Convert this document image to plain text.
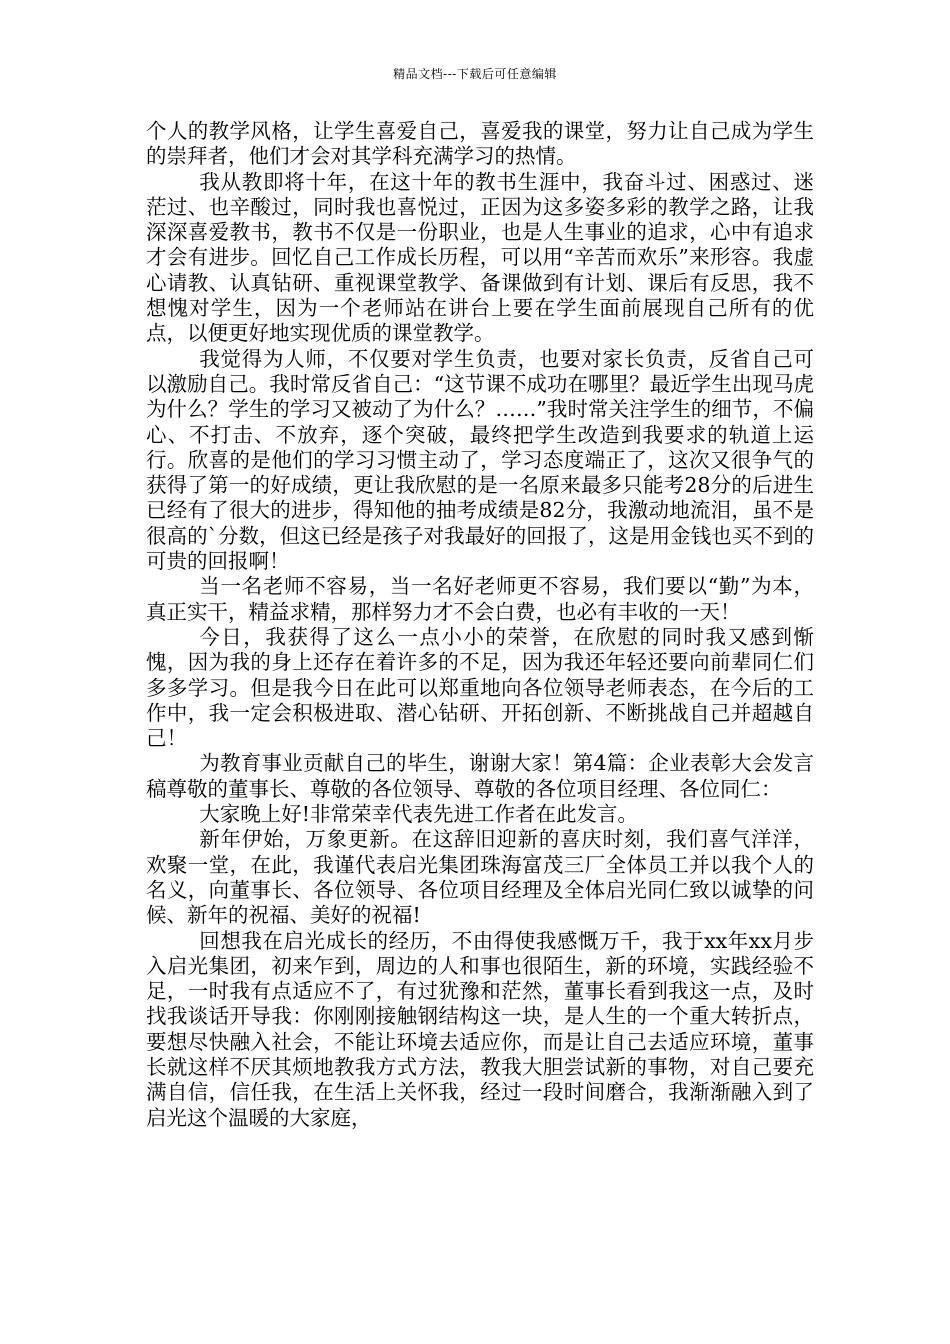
精品文档---下载后可任意编辑

个人的教学风格，让学生喜爱自己，喜爱我的课堂，努力让自己成为学生的崇拜者，他们才会对其学科充满学习的热情。

我从教即将十年，在这十年的教书生涯中，我奋斗过、困惑过、迷茫过、也辛酸过，同时我也喜悦过，正因为这多姿多彩的教学之路，让我深深喜爱教书，教书不仅是一份职业，也是人生事业的追求，心中有追求才会有进步。回忆自己工作成长历程，可以用“辛苦而欢乐”来形容。我虚心请教、认真钻研、重视课堂教学、备课做到有计划、课后有反思，我不想愧对学生，因为一个老师站在讲台上要在学生面前展现自己所有的优点，以便更好地实现优质的课堂教学。

我觉得为人师，不仅要对学生负责，也要对家长负责，反省自己可以激励自己。我时常反省自己：“这节课不成功在哪里？最近学生出现马虎为什么？学生的学习又被动了为什么？……”我时常关注学生的细节，不偏心、不打击、不放弃，逐个突破，最终把学生改造到我要求的轨道上运行。欣喜的是他们的学习习惯主动了，学习态度端正了，这次又很争气的获得了第一的好成绩，更让我欣慰的是一名原来最多只能考28分的后进生已经有了很大的进步，得知他的抽考成绩是82分，我激动地流泪，虽不是很高的`分数，但这已经是孩子对我最好的回报了，这是用金钱也买不到的可贵的回报啊！

当一名老师不容易，当一名好老师更不容易，我们要以“勤”为本，真正实干，精益求精，那样努力才不会白费，也必有丰收的一天！

今日，我获得了这么一点小小的荣誉，在欣慰的同时我又感到惭愧，因为我的身上还存在着许多的不足，因为我还年轻还要向前辈同仁们多多学习。但是我今日在此可以郑重地向各位领导老师表态，在今后的工作中，我一定会积极进取、潜心钻研、开拓创新、不断挑战自己并超越自己！

为教育事业贡献自己的毕生，谢谢大家！第4篇：企业表彰大会发言稿尊敬的董事长、尊敬的各位领导、尊敬的各位项目经理、各位同仁：

大家晚上好!非常荣幸代表先进工作者在此发言。

新年伊始，万象更新。在这辞旧迎新的喜庆时刻，我们喜气洋洋，欢聚一堂，在此，我谨代表启光集团珠海富茂三厂全体员工并以我个人的名义，向董事长、各位领导、各位项目经理及全体启光同仁致以诚挚的问候、新年的祝福、美好的祝福!

回想我在启光成长的经历，不由得使我感慨万千，我于xx年xx月步入启光集团，初来乍到，周边的人和事也很陌生，新的环境，实践经验不足，一时我有点适应不了，有过犹豫和茫然，董事长看到我这一点，及时找我谈话开导我：你刚刚接触钢结构这一块，是人生的一个重大转折点，要想尽快融入社会，不能让环境去适应你，而是让自己去适应环境，董事长就这样不厌其烦地教我方式方法，教我大胆尝试新的事物，对自己要充满自信，信任我，在生活上关怀我，经过一段时间磨合，我渐渐融入到了启光这个温暖的大家庭，
